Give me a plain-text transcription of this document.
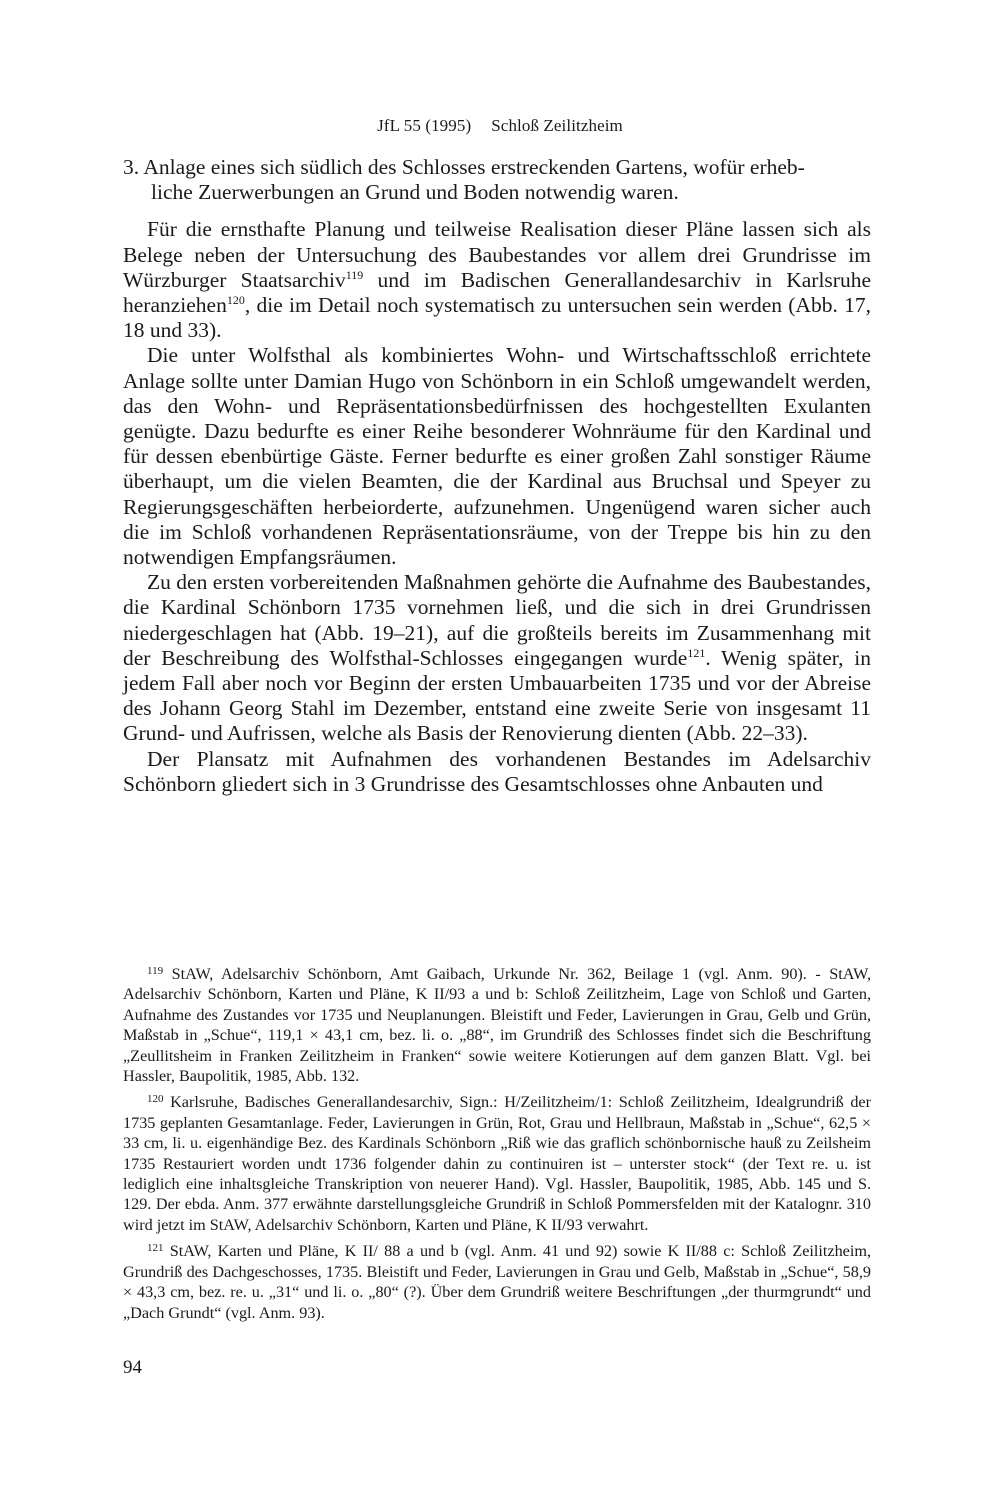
JfL 55 (1995) Schloß Zeilitzheim

3. Anlage eines sich südlich des Schlosses erstreckenden Gartens, wofür erheb-
liche Zuerwerbungen an Grund und Boden notwendig waren.

Für die ernsthafte Planung und teilweise Realisation dieser Pläne lassen sich als Belege neben der Untersuchung des Baubestandes vor allem drei Grundrisse im Würzburger Staatsarchiv$^{119}$ und im Badischen Generallandesarchiv in Karlsruhe heranziehen$^{120}$, die im Detail noch systematisch zu untersuchen sein werden (Abb. 17, 18 und 33).

Die unter Wolfsthal als kombiniertes Wohn- und Wirtschaftsschloß errichtete Anlage sollte unter Damian Hugo von Schönborn in ein Schloß umgewandelt werden, das den Wohn- und Repräsentationsbedürfnissen des hochgestellten Exulanten genügte. Dazu bedurfte es einer Reihe besonderer Wohnräume für den Kardinal und für dessen ebenbürtige Gäste. Ferner bedurfte es einer großen Zahl sonstiger Räume überhaupt, um die vielen Beamten, die der Kardinal aus Bruchsal und Speyer zu Regierungsgeschäften herbeiorderte, aufzunehmen. Ungenügend waren sicher auch die im Schloß vorhandenen Repräsentationsräume, von der Treppe bis hin zu den notwendigen Empfangsräumen.

Zu den ersten vorbereitenden Maßnahmen gehörte die Aufnahme des Baubestandes, die Kardinal Schönborn 1735 vornehmen ließ, und die sich in drei Grundrissen niedergeschlagen hat (Abb. 19–21), auf die großteils bereits im Zusammenhang mit der Beschreibung des Wolfsthal-Schlosses eingegangen wurde$^{121}$. Wenig später, in jedem Fall aber noch vor Beginn der ersten Umbauarbeiten 1735 und vor der Abreise des Johann Georg Stahl im Dezember, entstand eine zweite Serie von insgesamt 11 Grund- und Aufrissen, welche als Basis der Renovierung dienten (Abb. 22–33).

Der Plansatz mit Aufnahmen des vorhandenen Bestandes im Adelsarchiv Schönborn gliedert sich in 3 Grundrisse des Gesamtschlosses ohne Anbauten und

$^{119}$ StAW, Adelsarchiv Schönborn, Amt Gaibach, Urkunde Nr. 362, Beilage 1 (vgl. Anm. 90). - StAW, Adelsarchiv Schönborn, Karten und Pläne, K II/93 a und b: Schloß Zeilitzheim, Lage von Schloß und Garten, Aufnahme des Zustandes vor 1735 und Neuplanungen. Bleistift und Feder, Lavierungen in Grau, Gelb und Grün, Maßstab in „Schue“, 119,1 × 43,1 cm, bez. li. o. „88“, im Grundriß des Schlosses findet sich die Beschriftung „Zeullitsheim in Franken Zeilitzheim in Franken“ sowie weitere Kotierungen auf dem ganzen Blatt. Vgl. bei Hassler, Baupolitik, 1985, Abb. 132.

$^{120}$ Karlsruhe, Badisches Generallandesarchiv, Sign.: H/Zeilitzheim/1: Schloß Zeilitzheim, Idealgrundriß der 1735 geplanten Gesamtanlage. Feder, Lavierungen in Grün, Rot, Grau und Hellbraun, Maßstab in „Schue“, 62,5 × 33 cm, li. u. eigenhändige Bez. des Kardinals Schönborn „Riß wie das graflich schönbornische hauß zu Zeilsheim 1735 Restauriert worden undt 1736 folgender dahin zu continuiren ist – unterster stock“ (der Text re. u. ist lediglich eine inhaltsgleiche Transkription von neuerer Hand). Vgl. Hassler, Baupolitik, 1985, Abb. 145 und S. 129. Der ebda. Anm. 377 erwähnte darstellungsgleiche Grundriß in Schloß Pommersfelden mit der Katalognr. 310 wird jetzt im StAW, Adelsarchiv Schönborn, Karten und Pläne, K II/93 verwahrt.

$^{121}$ StAW, Karten und Pläne, K II/ 88 a und b (vgl. Anm. 41 und 92) sowie K II/88 c: Schloß Zeilitzheim, Grundriß des Dachgeschosses, 1735. Bleistift und Feder, Lavierungen in Grau und Gelb, Maßstab in „Schue“, 58,9 × 43,3 cm, bez. re. u. „31“ und li. o. „80“ (?). Über dem Grundriß weitere Beschriftungen „der thurmgrundt“ und „Dach Grundt“ (vgl. Anm. 93).

94
